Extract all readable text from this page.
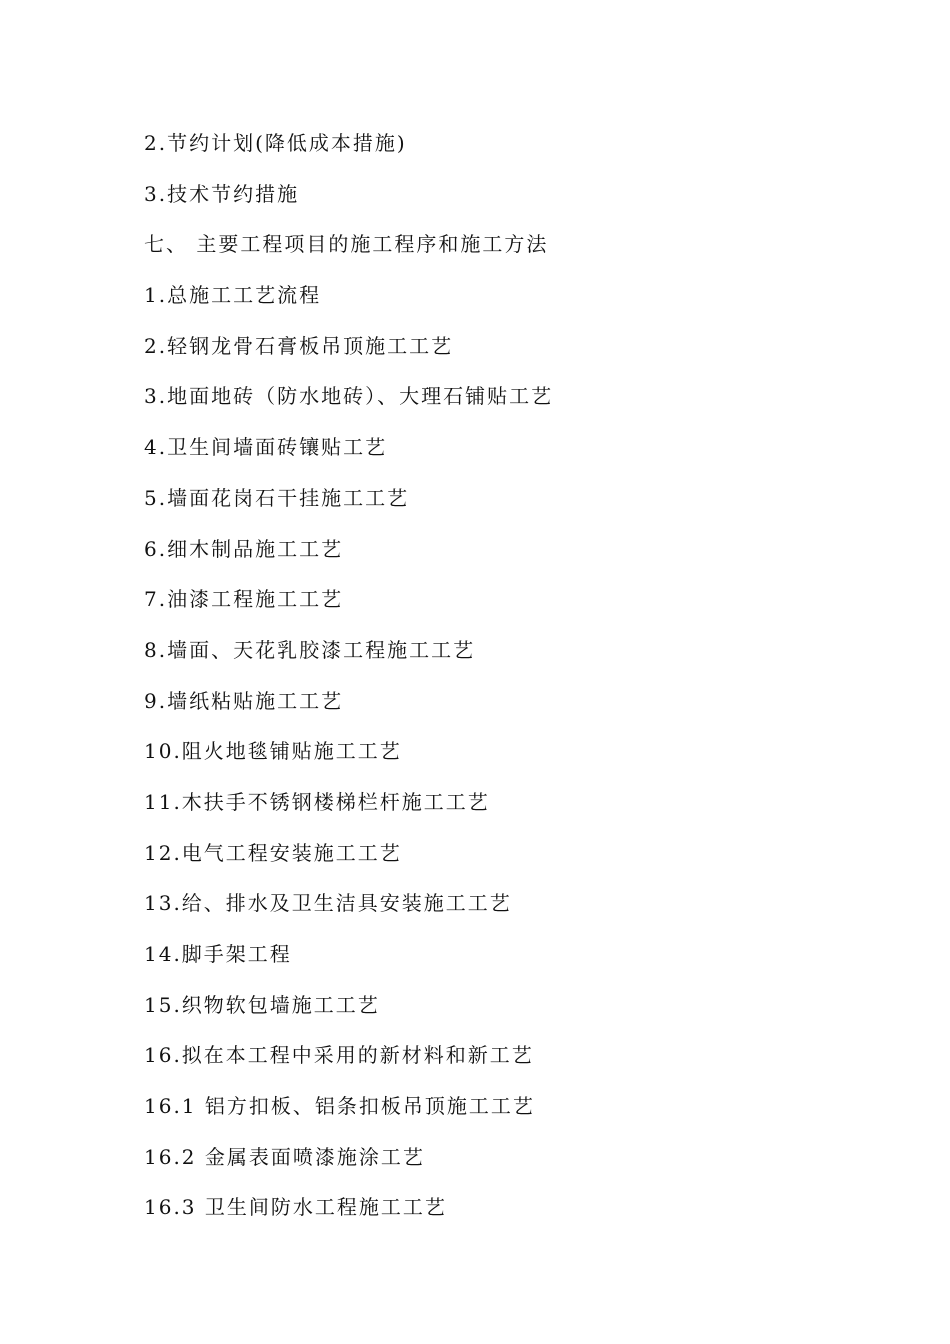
2.节约计划(降低成本措施)
3.技术节约措施
七、 主要工程项目的施工程序和施工方法
1.总施工工艺流程
2.轻钢龙骨石膏板吊顶施工工艺
3.地面地砖（防水地砖）、大理石铺贴工艺
4.卫生间墙面砖镶贴工艺
5.墙面花岗石干挂施工工艺
6.细木制品施工工艺
7.油漆工程施工工艺
8.墙面、天花乳胶漆工程施工工艺
9.墙纸粘贴施工工艺
10.阻火地毯铺贴施工工艺
11.木扶手不锈钢楼梯栏杆施工工艺
12.电气工程安装施工工艺
13.给、排水及卫生洁具安装施工工艺
14.脚手架工程
15.织物软包墙施工工艺
16.拟在本工程中采用的新材料和新工艺
16.1 铝方扣板、铝条扣板吊顶施工工艺
16.2 金属表面喷漆施涂工艺
16.3 卫生间防水工程施工工艺
